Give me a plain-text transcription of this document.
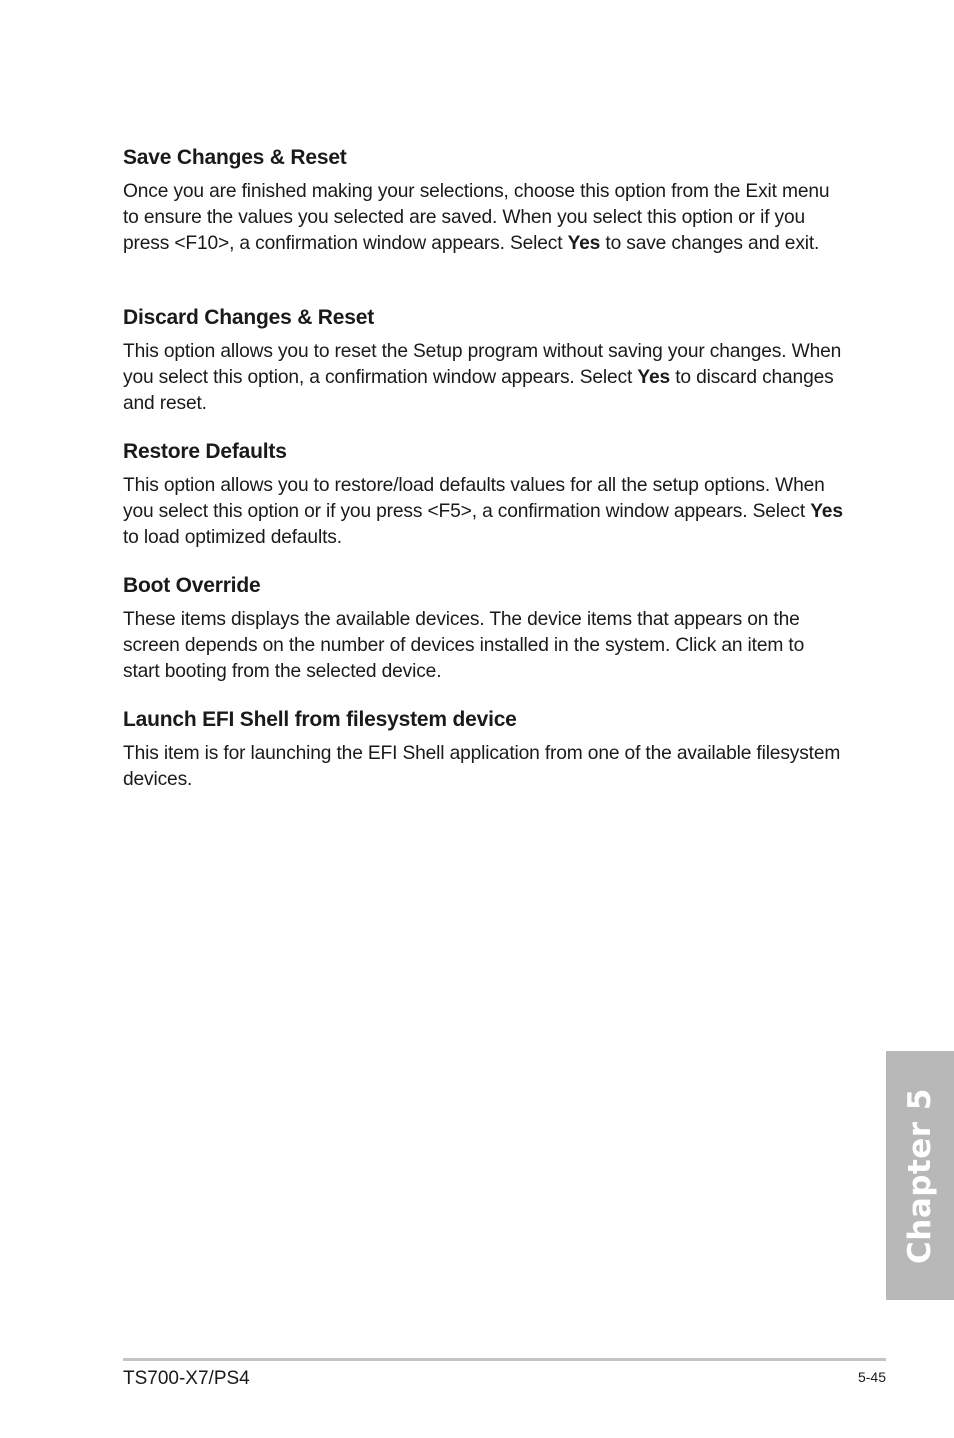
Save Changes & Reset

Once you are finished making your selections, choose this option from the Exit menu to ensure the values you selected are saved. When you select this option or if you press <F10>, a confirmation window appears. Select Yes to save changes and exit.

Discard Changes & Reset

This option allows you to reset the Setup program without saving your changes. When you select this option, a confirmation window appears. Select Yes to discard changes and reset.

Restore Defaults

This option allows you to restore/load defaults values for all the setup options. When you select this option or if you press <F5>, a confirmation window appears. Select Yes to load optimized defaults.

Boot Override

These items displays the available devices. The device items that appears on the screen depends on the number of devices installed in the system. Click an item to start booting from the selected device.

Launch EFI Shell from filesystem device

This item is for launching the EFI Shell application from one of the available filesystem devices.

Chapter 5
TS700-X7/PS4	5-45
